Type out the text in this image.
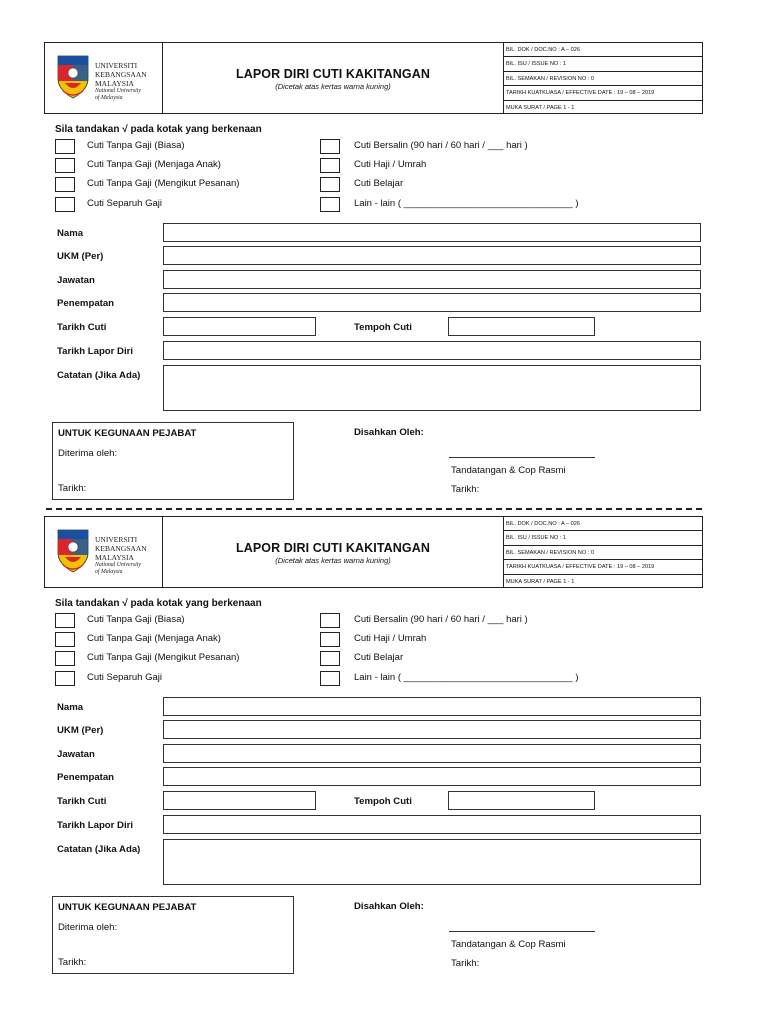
UNIVERSITI
KEBANGSAAN
MALAYSIA
National University
of Malaysia
LAPOR DIRI CUTI KAKITANGAN
(Dicetak atas kertas warna kuning)
BIL. DOK / DOC.NO : A – 026
BIL. ISU / ISSUE NO : 1
BIL. SEMAKAN / REVISION NO : 0
TARIKH KUATKUASA / EFFECTIVE DATE : 19 – 08 – 2019
MUKA SURAT / PAGE 1 - 1
Sila tandakan √ pada kotak yang berkenaan
Cuti Tanpa Gaji (Biasa)
Cuti Tanpa Gaji (Menjaga Anak)
Cuti Tanpa Gaji (Mengikut Pesanan)
Cuti Separuh Gaji
Cuti Bersalin (90 hari / 60 hari / ___ hari )
Cuti Haji / Umrah
Cuti Belajar
Lain - lain ( ________________________________ )
Nama
UKM (Per)
Jawatan
Penempatan
Tarikh Cuti	Tempoh Cuti
Tarikh Lapor Diri
Catatan (Jika Ada)
UNTUK KEGUNAAN PEJABAT
Diterima oleh:
Tarikh:
Disahkan Oleh:
Tandatangan & Cop Rasmi
Tarikh:
UNIVERSITI
KEBANGSAAN
MALAYSIA
National University
of Malaysia
LAPOR DIRI CUTI KAKITANGAN
(Dicetak atas kertas warna kuning)
BIL. DOK / DOC.NO : A – 026
BIL. ISU / ISSUE NO : 1
BIL. SEMAKAN / REVISION NO : 0
TARIKH KUATKUASA / EFFECTIVE DATE : 19 – 08 – 2019
MUKA SURAT / PAGE 1 - 1
Sila tandakan √ pada kotak yang berkenaan
Cuti Tanpa Gaji (Biasa)
Cuti Tanpa Gaji (Menjaga Anak)
Cuti Tanpa Gaji (Mengikut Pesanan)
Cuti Separuh Gaji
Cuti Bersalin (90 hari / 60 hari / ___ hari )
Cuti Haji / Umrah
Cuti Belajar
Lain - lain ( ________________________________ )
Nama
UKM (Per)
Jawatan
Penempatan
Tarikh Cuti	Tempoh Cuti
Tarikh Lapor Diri
Catatan (Jika Ada)
UNTUK KEGUNAAN PEJABAT
Diterima oleh:
Tarikh:
Disahkan Oleh:
Tandatangan & Cop Rasmi
Tarikh:
